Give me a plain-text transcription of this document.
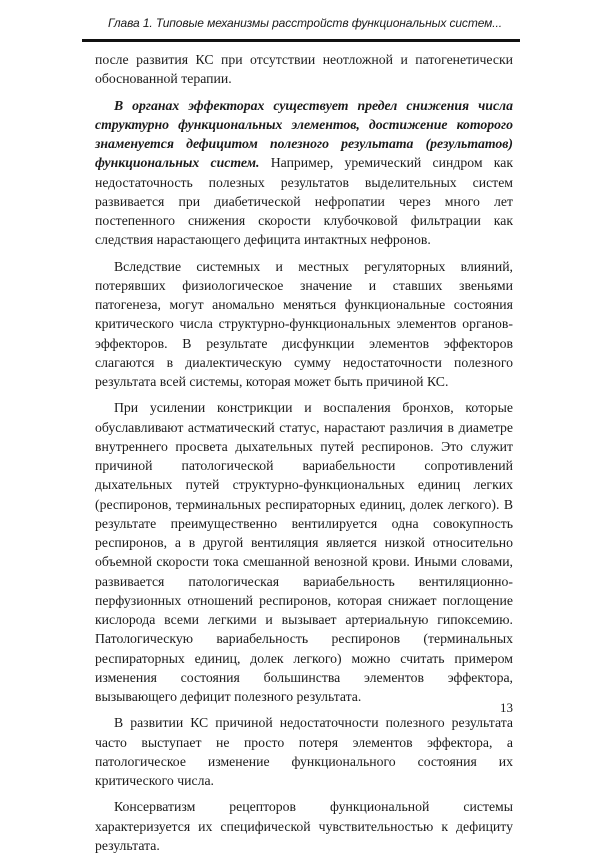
Глава 1. Типовые механизмы расстройств функциональных систем...

после развития КС при отсутствии неотложной и патогенетически обоснованной терапии.

В органах эффекторах существует предел снижения числа структурно функциональных элементов, достижение которого знаменуется дефицитом полезного результата (результатов) функциональных систем. Например, уремический синдром как недостаточность полезных результатов выделительных систем развивается при диабетической нефропатии через много лет постепенного снижения скорости клубочковой фильтрации как следствия нарастающего дефицита интактных нефронов.

Вследствие системных и местных регуляторных влияний, потерявших физиологическое значение и ставших звеньями патогенеза, могут аномально меняться функциональные состояния критического числа структурно-функциональных элементов органов-эффекторов. В результате дисфункции элементов эффекторов слагаются в диалектическую сумму недостаточности полезного результата всей системы, которая может быть причиной КС.

При усилении констрикции и воспаления бронхов, которые обуславливают астматический статус, нарастают различия в диаметре внутреннего просвета дыхательных путей респиронов. Это служит причиной патологической вариабельности сопротивлений дыхательных путей структурно-функциональных единиц легких (респиронов, терминальных респираторных единиц, долек легкого). В результате преимущественно вентилируется одна совокупность респиронов, а в другой вентиляция является низкой относительно объемной скорости тока смешанной венозной крови. Иными словами, развивается патологическая вариабельность вентиляционно-перфузионных отношений респиронов, которая снижает поглощение кислорода всеми легкими и вызывает артериальную гипоксемию. Патологическую вариабельность респиронов (терминальных респираторных единиц, долек легкого) можно считать примером изменения состояния большинства элементов эффектора, вызывающего дефицит полезного результата.

В развитии КС причиной недостаточности полезного результата часто выступает не просто потеря элементов эффектора, а патологическое изменение функционального состояния их критического числа.

Консерватизм рецепторов функциональной системы характеризуется их специфической чувствительностью к дефициту результата.

13
